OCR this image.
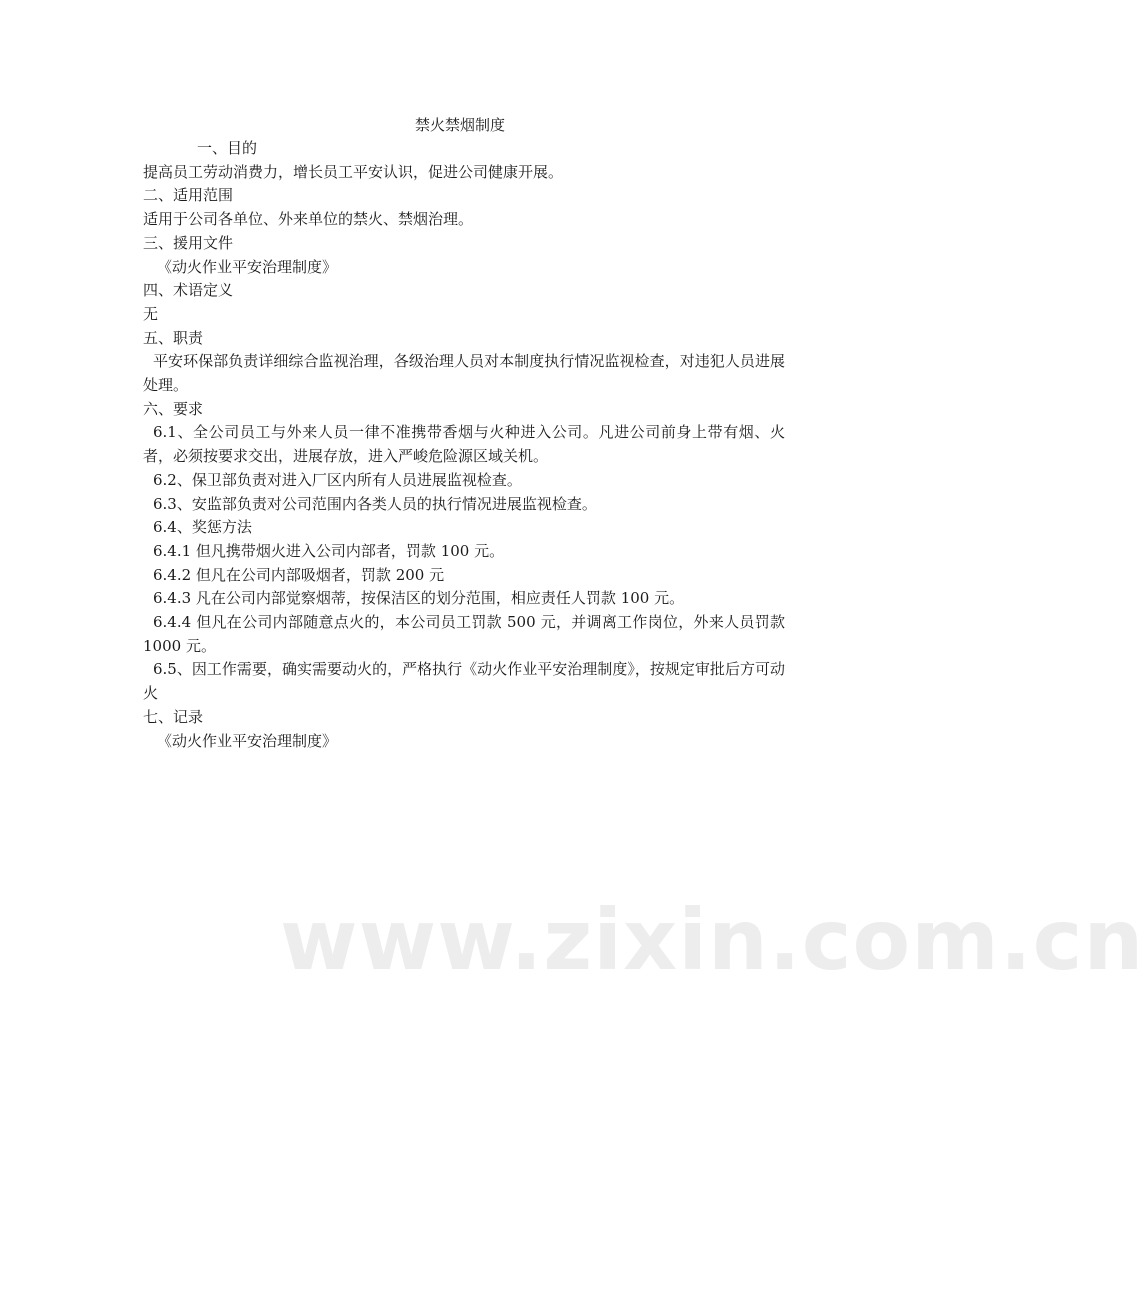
www.zixin.com.cn
禁火禁烟制度

一、目的

提高员工劳动消费力，增长员工平安认识，促进公司健康开展。

二、适用范围

适用于公司各单位、外来单位的禁火、禁烟治理。

三、援用文件

《动火作业平安治理制度》

四、术语定义

无

五、职责

平安环保部负责详细综合监视治理，各级治理人员对本制度执行情况监视检查，对违犯人员进展处理。

六、要求

6.1、全公司员工与外来人员一律不准携带香烟与火种进入公司。凡进公司前身上带有烟、火者，必须按要求交出，进展存放，进入严峻危险源区域关机。

6.2、保卫部负责对进入厂区内所有人员进展监视检查。

6.3、安监部负责对公司范围内各类人员的执行情况进展监视检查。

6.4、奖惩方法

6.4.1 但凡携带烟火进入公司内部者，罚款 100 元。

6.4.2 但凡在公司内部吸烟者，罚款 200 元

6.4.3 凡在公司内部觉察烟蒂，按保洁区的划分范围，相应责任人罚款 100 元。

6.4.4 但凡在公司内部随意点火的，本公司员工罚款 500 元，并调离工作岗位，外来人员罚款 1000 元。

6.5、因工作需要，确实需要动火的，严格执行《动火作业平安治理制度》，按规定审批后方可动火

七、记录

《动火作业平安治理制度》
